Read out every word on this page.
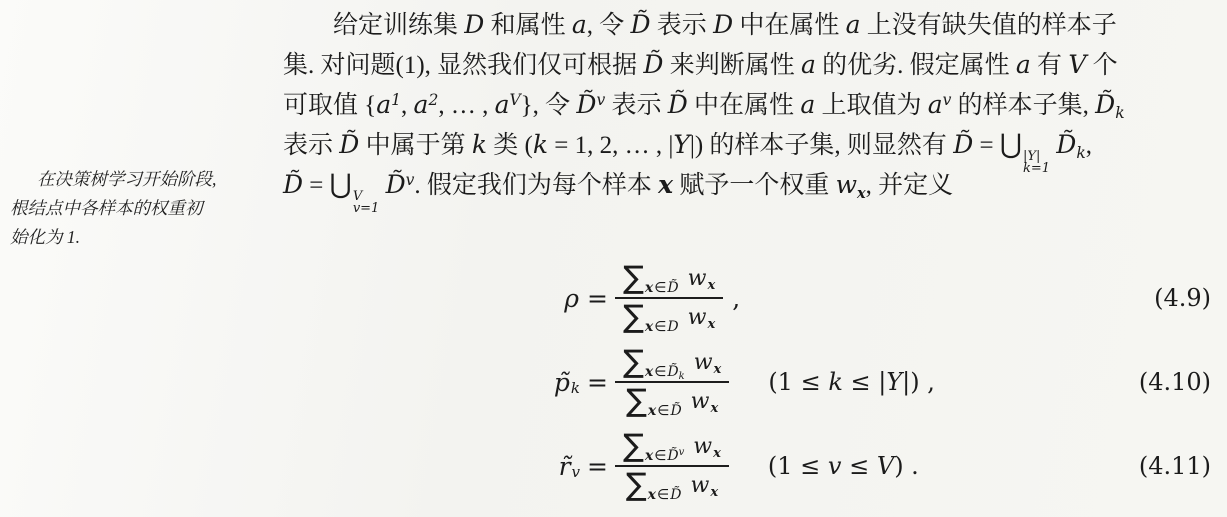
在决策树学习开始阶段,
根结点中各样本的权重初
始化为 1.
给定训练集 D 和属性 a, 令 D̃ 表示 D 中在属性 a 上没有缺失值的样本子
集. 对问题(1), 显然我们仅可根据 D̃ 来判断属性 a 的优劣. 假定属性 a 有 V 个
可取值 {$a^1$, $a^2$, … , $a^V$}, 令 D̃$^v$ 表示 D̃ 中在属性 a 上取值为 $a^v$ 的样本子集, $D̃_k$
表示 D̃ 中属于第 k 类 (k = 1, 2, … , |Y|) 的样本子集, 则显然有 D̃ = ⋃ |Y|
k=1
$D̃_k$,
D̃ = ⋃ V
v=1
D̃$^v$. 假定我们为每个样本 x 赋予一个权重 $w_x$, 并定义
$\rho = \frac{\text{∑ x ∈ D̃ w x}}{\text{∑ x ∈ D w x}}$ ,	(4.9)
p̃ k = ∑ x ∈ D̃ k
w x
∑ x ∈ D̃ w x (1 ≤ k ≤ |Y|) ,	(4.10)
r̃ $v = \frac{\text{∑ x ∈ D̃ v w x}}{\text{∑ x ∈ D̃ w x}} (1 \le v \le V)$ .	(4.11)
